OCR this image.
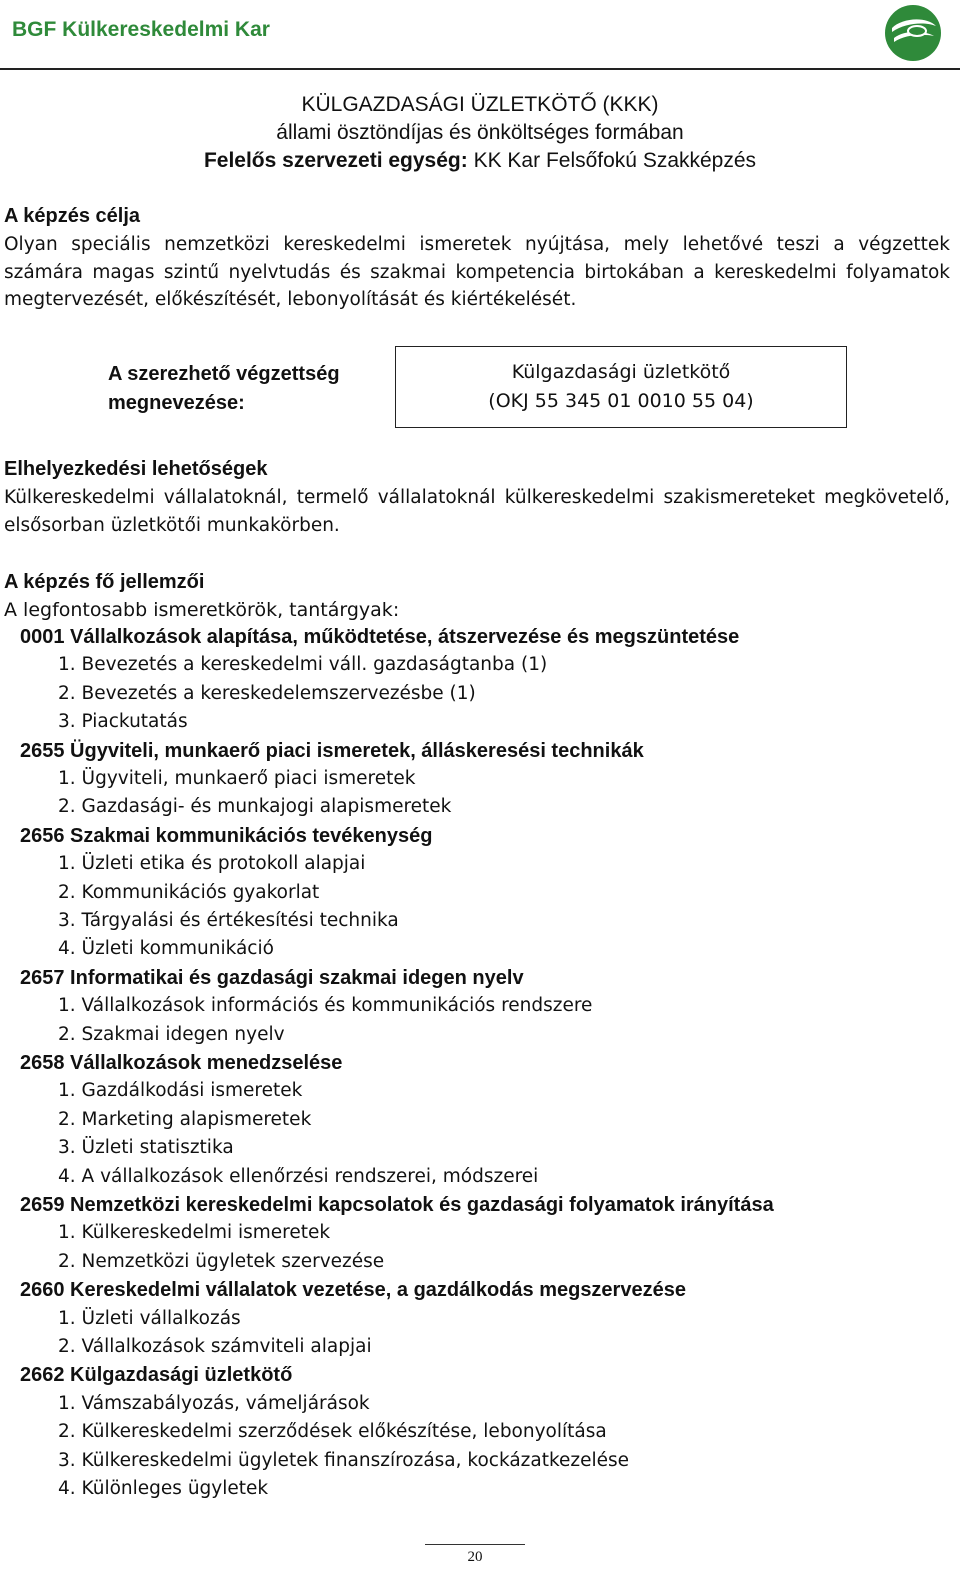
BGF Külkereskedelmi Kar
KÜLGAZDASÁGI ÜZLETKÖTŐ (KKK)
állami ösztöndíjas és önköltséges formában
Felelős szervezeti egység: KK Kar Felsőfokú Szakképzés
A képzés célja
Olyan speciális nemzetközi kereskedelmi ismeretek nyújtása, mely lehetővé teszi a végzettek számára magas szintű nyelvtudás és szakmai kompetencia birtokában a kereskedelmi folyamatok megtervezését, előkészítését, lebonyolítását és kiértékelését.
A szerezhető végzettség
megnevezése:
Külgazdasági üzletkötő
(OKJ 55 345 01 0010 55 04)
Elhelyezkedési lehetőségek
Külkereskedelmi vállalatoknál, termelő vállalatoknál külkereskedelmi szakismereteket megkövetelő, elsősorban üzletkötői munkakörben.
A képzés fő jellemzői
A legfontosabb ismeretkörök, tantárgyak:
0001 Vállalkozások alapítása, működtetése, átszervezése és megszüntetése
1. Bevezetés a kereskedelmi váll. gazdaságtanba (1)
2. Bevezetés a kereskedelemszervezésbe (1)
3. Piackutatás
2655 Ügyviteli, munkaerő piaci ismeretek, álláskeresési technikák
1. Ügyviteli, munkaerő piaci ismeretek
2. Gazdasági- és munkajogi alapismeretek
2656 Szakmai kommunikációs tevékenység
1. Üzleti etika és protokoll alapjai
2. Kommunikációs gyakorlat
3. Tárgyalási és értékesítési technika
4. Üzleti kommunikáció
2657 Informatikai és gazdasági szakmai idegen nyelv
1. Vállalkozások információs és kommunikációs rendszere
2. Szakmai idegen nyelv
2658 Vállalkozások menedzselése
1. Gazdálkodási ismeretek
2. Marketing alapismeretek
3. Üzleti statisztika
4. A vállalkozások ellenőrzési rendszerei, módszerei
2659 Nemzetközi kereskedelmi kapcsolatok és gazdasági folyamatok irányítása
1. Külkereskedelmi ismeretek
2. Nemzetközi ügyletek szervezése
2660 Kereskedelmi vállalatok vezetése, a gazdálkodás megszervezése
1. Üzleti vállalkozás
2. Vállalkozások számviteli alapjai
2662 Külgazdasági üzletkötő
1. Vámszabályozás, vámeljárások
2. Külkereskedelmi szerződések előkészítése, lebonyolítása
3. Külkereskedelmi ügyletek finanszírozása, kockázatkezelése
4. Különleges ügyletek
20
